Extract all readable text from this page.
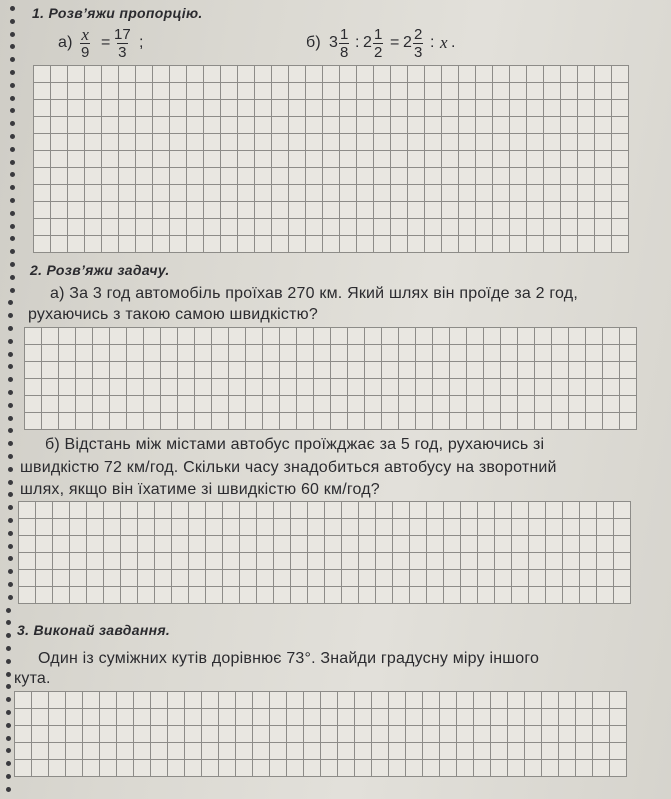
1. Розв’яжи пропорцію.
$а) \frac{x}{9} = \frac{17}{3}$ ;	б) $3 \frac{1}{8}$ : $2 \frac{1}{2} = 2 \frac{2}{3}$ : x .
2. Розв’яжи задачу.
а) За 3 год автомобіль проїхав 270 км. Який шлях він проїде за 2 год,
рухаючись з такою самою швидкістю?
б) Відстань між містами автобус проїжджає за 5 год, рухаючись зі
швидкістю 72 км/год. Скільки часу знадобиться автобусу на зворотний
шлях, якщо він їхатиме зі швидкістю 60 км/год?
3. Виконай завдання.
Один із суміжних кутів дорівнює 73°. Знайди градусну міру іншого
кута.
